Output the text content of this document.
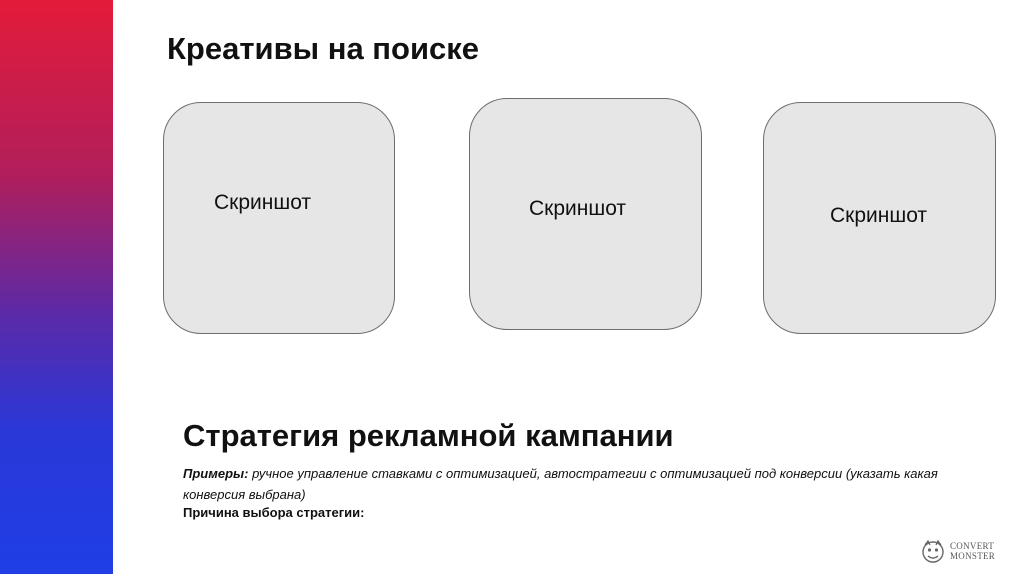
Креативы на поиске
Скриншот	Скриншот	Скриншот
Стратегия рекламной кампании
Примеры: ручное управление ставками с оптимизацией, автостратегии с оптимизацией под конверсии (указать какая конверсия выбрана)
Причина выбора стратегии:
CONVERT
MONSTER
